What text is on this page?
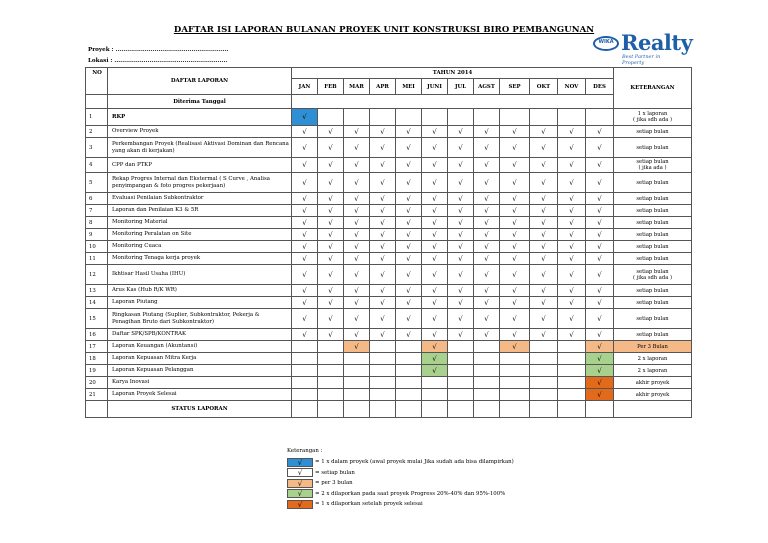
DAFTAR ISI LAPORAN BULANAN PROYEK UNIT KONSTRUKSI BIRO PEMBANGUNAN
Proyek : ..........................................................
Lokasi : ..........................................................
WIKA Realty
Best Partner in Property
NO	DAFTAR LAPORAN	TAHUN 2014												KETERANGAN
		JAN	FEB	MAR	APR	MEI	JUNI	JUL	AGST	SEP	OKT	NOV	DES	
	Diterima Tanggal													
1	RKP	√												1 x laporan
( jika sdh ada )
2	Overview Proyek	√	√	√	√	√	√	√	√	√	√	√	√	setiap bulan
3	Perkembangan Proyek (Realisasi Aktivasi Dominan dan Rencana yang akan di kerjakan)	√	√	√	√	√	√	√	√	√	√	√	√	setiap bulan
4	CPP dan PTKP	√	√	√	√	√	√	√	√	√	√	√	√	setiap bulan
( jika ada )
5	Rekap Progres Internal dan Ekstermal ( S Curve , Analisa penyimpangan & foto progres pekerjaan)	√	√	√	√	√	√	√	√	√	√	√	√	setiap bulan
6	Evaluasi Penilaian Subkontraktor	√	√	√	√	√	√	√	√	√	√	√	√	setiap bulan
7	Laporan dan Penilaian K3 & 5R	√	√	√	√	√	√	√	√	√	√	√	√	setiap bulan
8	Monitoring Material	√	√	√	√	√	√	√	√	√	√	√	√	setiap bulan
9	Monitoring Peralatan on Site	√	√	√	√	√	√	√	√	√	√	√	√	setiap bulan
10	Monitoring Cuaca	√	√	√	√	√	√	√	√	√	√	√	√	setiap bulan
11	Monitoring Tenaga kerja proyek	√	√	√	√	√	√	√	√	√	√	√	√	setiap bulan
12	Ikhtisar Hasil Usaha (IHU)	√	√	√	√	√	√	√	√	√	√	√	√	setiap bulan
( jika sdh ada )
13	Arus Kas (Hub R/K WR)	√	√	√	√	√	√	√	√	√	√	√	√	setiap bulan
14	Laporan Piutang	√	√	√	√	√	√	√	√	√	√	√	√	setiap bulan
15	Ringkasan Piutang (Suplier, Subkontraktor, Pekerja & Penagihan Bruto dari Subkontraktor)	√	√	√	√	√	√	√	√	√	√	√	√	setiap bulan
16	Daftar SPK/SPB/KONTRAK	√	√	√	√	√	√	√	√	√	√	√	√	setiap bulan
17	Laporan Keuangan (Akuntansi)			√			√			√			√	Per 3 Bulan
18	Laporan Kepuasan Mitra Kerja						√						√	2 x laporan
19	Laporan Kepuasan Pelanggan						√						√	2 x laporan
20	Karya Inovasi												√	akhir proyek
21	Laporan Proyek Selesai												√	akhir proyek
	STATUS LAPORAN													
Keterangan :
√	= 1 x dalam proyek (awal proyek mulai Jika sudah ada bisa dilampirkan)
√	= setiap bulan
√	= per 3 bulan
√	= 2 x dilaporkan pada saat proyek Progress 20%-40% dan 95%-100%
√	= 1 x dilaporkan setelah proyek selesai
